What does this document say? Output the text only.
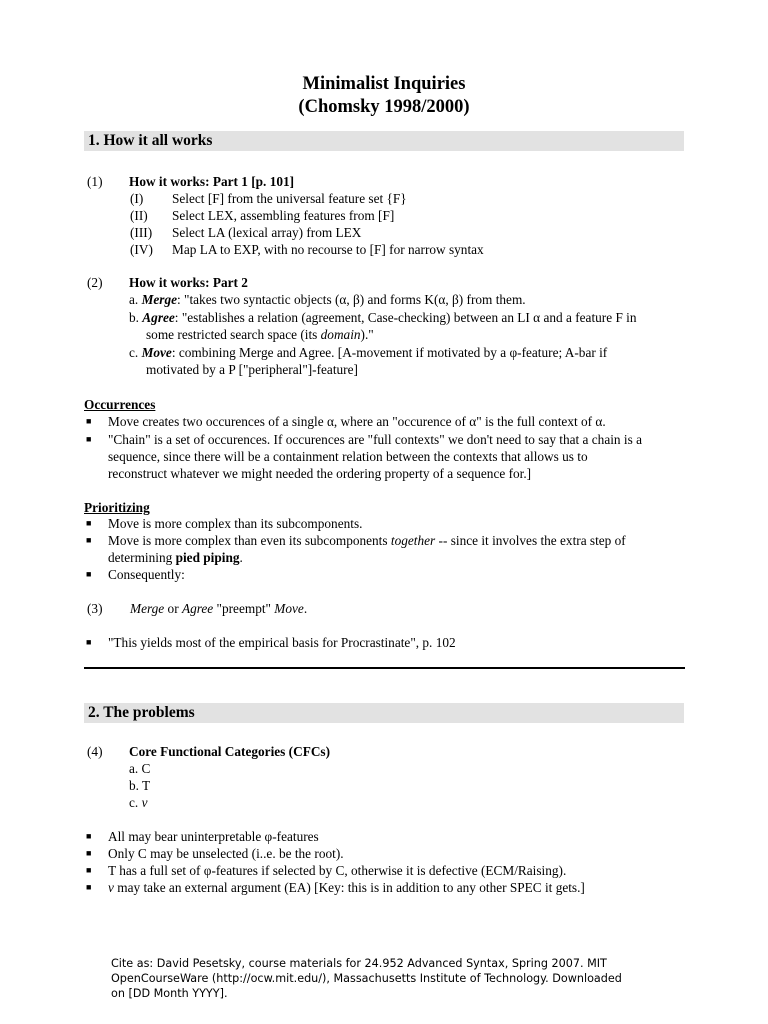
Minimalist Inquiries
(Chomsky 1998/2000)
1. How it all works
(1) How it works: Part 1 [p. 101]
(I) Select [F] from the universal feature set {F}
(II) Select LEX, assembling features from [F]
(III) Select LA (lexical array) from LEX
(IV) Map LA to EXP, with no recourse to [F] for narrow syntax
(2) How it works: Part 2
a. Merge: "takes two syntactic objects (α, β) and forms K(α, β) from them.
b. Agree: "establishes a relation (agreement, Case-checking) between an LI α and a feature F in
some restricted search space (its domain)."
c. Move: combining Merge and Agree. [A-movement if motivated by a φ-feature; A-bar if
motivated by a P ["peripheral"]-feature]
Occurrences
■ Move creates two occurences of a single α, where an "occurence of α" is the full context of α.
■ "Chain" is a set of occurences. If occurences are "full contexts" we don't need to say that a chain is a
sequence, since there will be a containment relation between the contexts that allows us to
reconstruct whatever we might needed the ordering property of a sequence for.]
Prioritizing
■ Move is more complex than its subcomponents.
■ Move is more complex than even its subcomponents together -- since it involves the extra step of
determining pied piping.
■ Consequently:
(3) Merge or Agree "preempt" Move.
■ "This yields most of the empirical basis for Procrastinate", p. 102
2. The problems
(4) Core Functional Categories (CFCs)
a. C
b. T
c. v
■ All may bear uninterpretable φ-features
■ Only C may be unselected (i..e. be the root).
■ T has a full set of φ-features if selected by C, otherwise it is defective (ECM/Raising).
■ v may take an external argument (EA) [Key: this is in addition to any other SPEC it gets.]
Cite as: David Pesetsky, course materials for 24.952 Advanced Syntax, Spring 2007. MIT
OpenCourseWare (http://ocw.mit.edu/), Massachusetts Institute of Technology. Downloaded
on [DD Month YYYY].
